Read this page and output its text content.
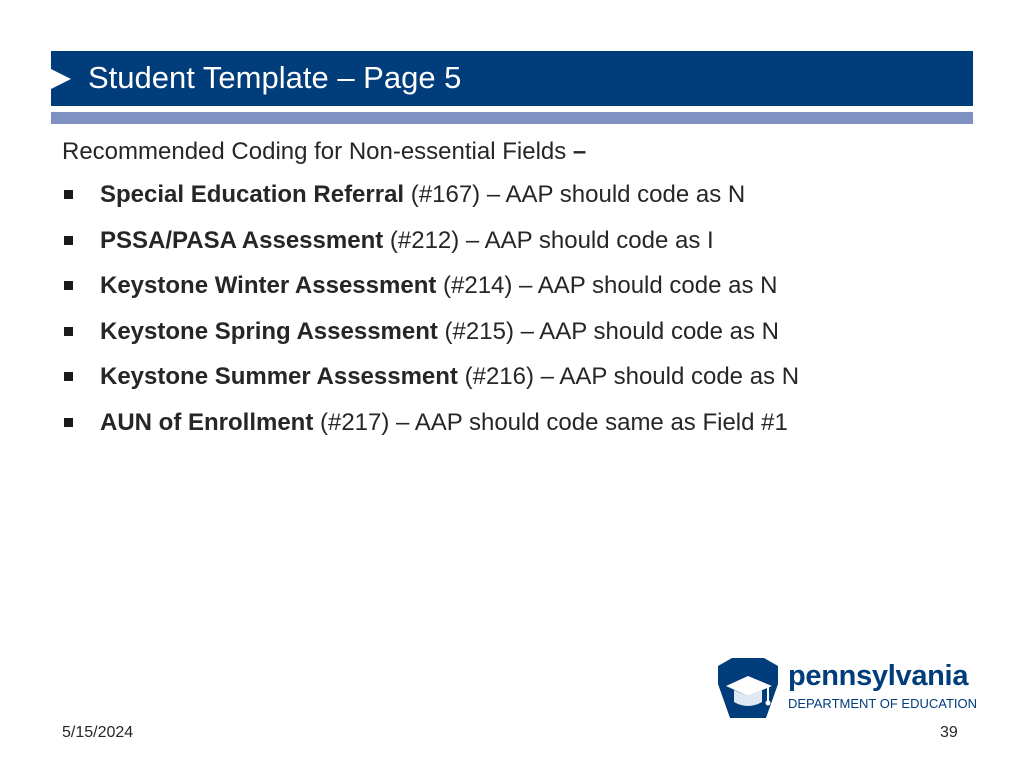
Student Template – Page 5

Recommended Coding for Non-essential Fields –

Special Education Referral (#167) – AAP should code as N
PSSA/PASA Assessment (#212) – AAP should code as I
Keystone Winter Assessment (#214) – AAP should code as N
Keystone Spring Assessment (#215) – AAP should code as N
Keystone Summer Assessment (#216) – AAP should code as N
AUN of Enrollment (#217) – AAP should code same as Field #1
pennsylvania
DEPARTMENT OF EDUCATION
5/15/2024	39
